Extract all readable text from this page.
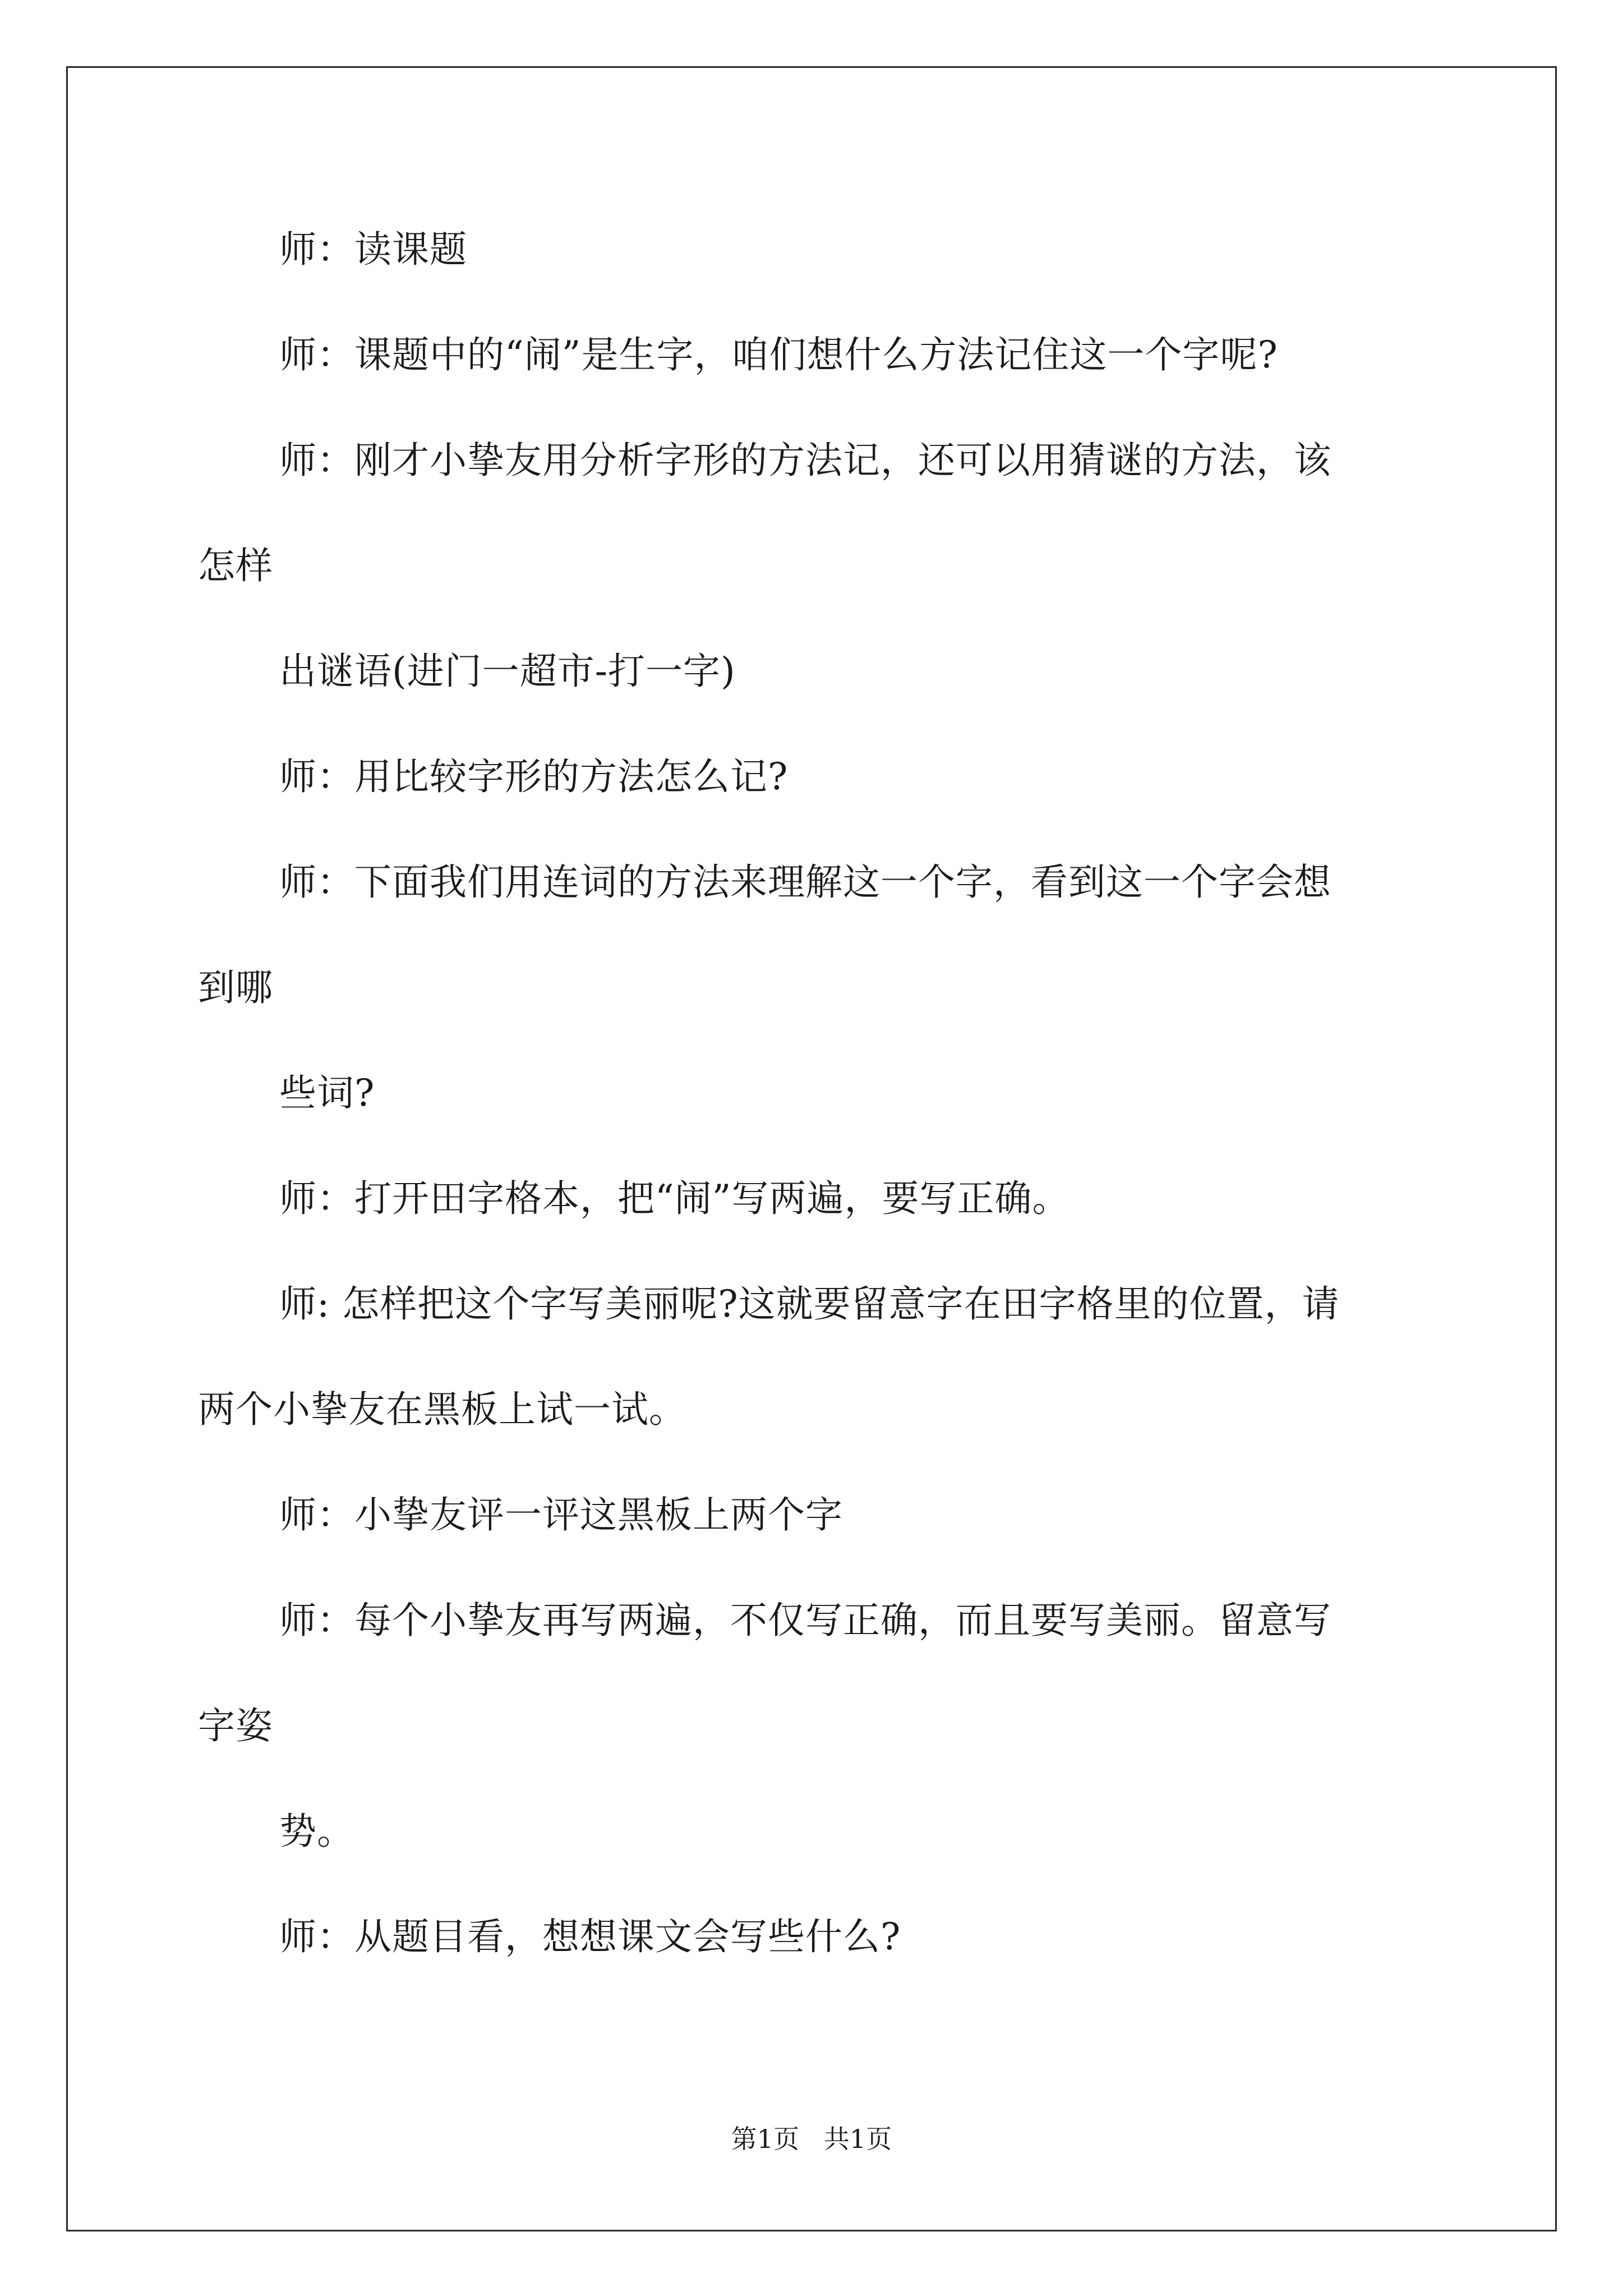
师：读课题
师：课题中的“闹”是生字，咱们想什么方法记住这一个字呢?
师：刚才小挚友用分析字形的方法记，还可以用猜谜的方法，该
怎样
出谜语(进门一超市-打一字)
师：用比较字形的方法怎么记?
师：下面我们用连词的方法来理解这一个字，看到这一个字会想
到哪
些词?
师：打开田字格本，把“闹”写两遍，要写正确。
师: 怎样把这个字写美丽呢?这就要留意字在田字格里的位置，请
两个小挚友在黑板上试一试。
师：小挚友评一评这黑板上两个字
师：每个小挚友再写两遍，不仅写正确，而且要写美丽。留意写
字姿
势。
师：从题目看，想想课文会写些什么?
第1页   共1页
